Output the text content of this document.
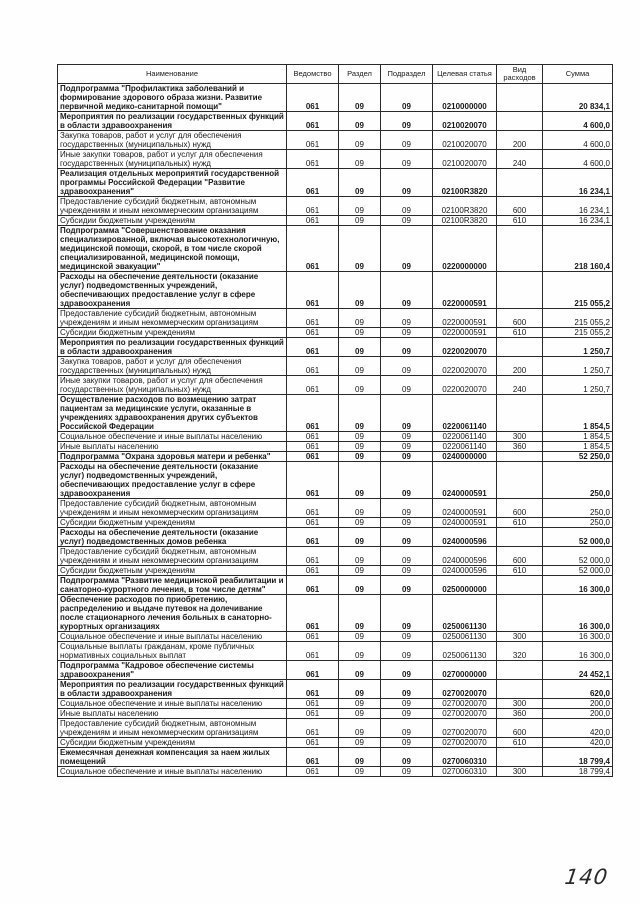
Наименование	Ведомство	Раздел	Подраздел	Целевая статья	Вид расходов	Сумма
Подпрограмма "Профилактика заболеваний и формирование здорового образа жизни. Развитие первичной медико-санитарной помощи"	061	09	09	0210000000		20 834,1
Мероприятия по реализации государственных функций в области здравоохранения	061	09	09	0210020070		4 600,0
Закупка товаров, работ и услуг для обеспечения государственных (муниципальных) нужд	061	09	09	0210020070	200	4 600,0
Иные закупки товаров, работ и услуг для обеспечения государственных (муниципальных) нужд	061	09	09	0210020070	240	4 600,0
Реализация отдельных мероприятий государственной программы Российской Федерации "Развитие здравоохранения"	061	09	09	02100R3820		16 234,1
Предоставление субсидий бюджетным, автономным учреждениям и иным некоммерческим организациям	061	09	09	02100R3820	600	16 234,1
Субсидии бюджетным учреждениям	061	09	09	02100R3820	610	16 234,1
Подпрограмма "Совершенствование оказания специализированной, включая высокотехнологичную, медицинской помощи, скорой, в том числе скорой специализированной, медицинской помощи, медицинской эвакуации"	061	09	09	0220000000		218 160,4
Расходы на обеспечение деятельности (оказание услуг) подведомственных учреждений, обеспечивающих предоставление услуг в сфере здравоохранения	061	09	09	0220000591		215 055,2
Предоставление субсидий бюджетным, автономным учреждениям и иным некоммерческим организациям	061	09	09	0220000591	600	215 055,2
Субсидии бюджетным учреждениям	061	09	09	0220000591	610	215 055,2
Мероприятия по реализации государственных функций в области здравоохранения	061	09	09	0220020070		1 250,7
Закупка товаров, работ и услуг для обеспечения государственных (муниципальных) нужд	061	09	09	0220020070	200	1 250,7
Иные закупки товаров, работ и услуг для обеспечения государственных (муниципальных) нужд	061	09	09	0220020070	240	1 250,7
Осуществление расходов по возмещению затрат пациентам за медицинские услуги, оказанные в учреждениях здравоохранения других субъектов Российской Федерации	061	09	09	0220061140		1 854,5
Социальное обеспечение и иные выплаты населению	061	09	09	0220061140	300	1 854,5
Иные выплаты населению	061	09	09	0220061140	360	1 854,5
Подпрограмма "Охрана здоровья матери и ребенка"	061	09	09	0240000000		52 250,0
Расходы на обеспечение деятельности (оказание услуг) подведомственных учреждений, обеспечивающих предоставление услуг в сфере здравоохранения	061	09	09	0240000591		250,0
Предоставление субсидий бюджетным, автономным учреждениям и иным некоммерческим организациям	061	09	09	0240000591	600	250,0
Субсидии бюджетным учреждениям	061	09	09	0240000591	610	250,0
Расходы на обеспечение деятельности (оказание услуг) подведомственных домов ребенка	061	09	09	0240000596		52 000,0
Предоставление субсидий бюджетным, автономным учреждениям и иным некоммерческим организациям	061	09	09	0240000596	600	52 000,0
Субсидии бюджетным учреждениям	061	09	09	0240000596	610	52 000,0
Подпрограмма "Развитие медицинской реабилитации и санаторно-курортного лечения, в том числе детям"	061	09	09	0250000000		16 300,0
Обеспечение расходов по приобретению, распределению и выдаче путевок на долечивание после стационарного лечения больных в санаторно-курортных организациях	061	09	09	0250061130		16 300,0
Социальное обеспечение и иные выплаты населению	061	09	09	0250061130	300	16 300,0
Социальные выплаты гражданам, кроме публичных нормативных социальных выплат	061	09	09	0250061130	320	16 300,0
Подпрограмма "Кадровое обеспечение системы здравоохранения"	061	09	09	0270000000		24 452,1
Мероприятия по реализации государственных функций в области здравоохранения	061	09	09	0270020070		620,0
Социальное обеспечение и иные выплаты населению	061	09	09	0270020070	300	200,0
Иные выплаты населению	061	09	09	0270020070	360	200,0
Предоставление субсидий бюджетным, автономным учреждениям и иным некоммерческим организациям	061	09	09	0270020070	600	420,0
Субсидии бюджетным учреждениям	061	09	09	0270020070	610	420,0
Ежемесячная денежная компенсация за наем жилых помещений	061	09	09	0270060310		18 799,4
Социальное обеспечение и иные выплаты населению	061	09	09	0270060310	300	18 799,4
140
